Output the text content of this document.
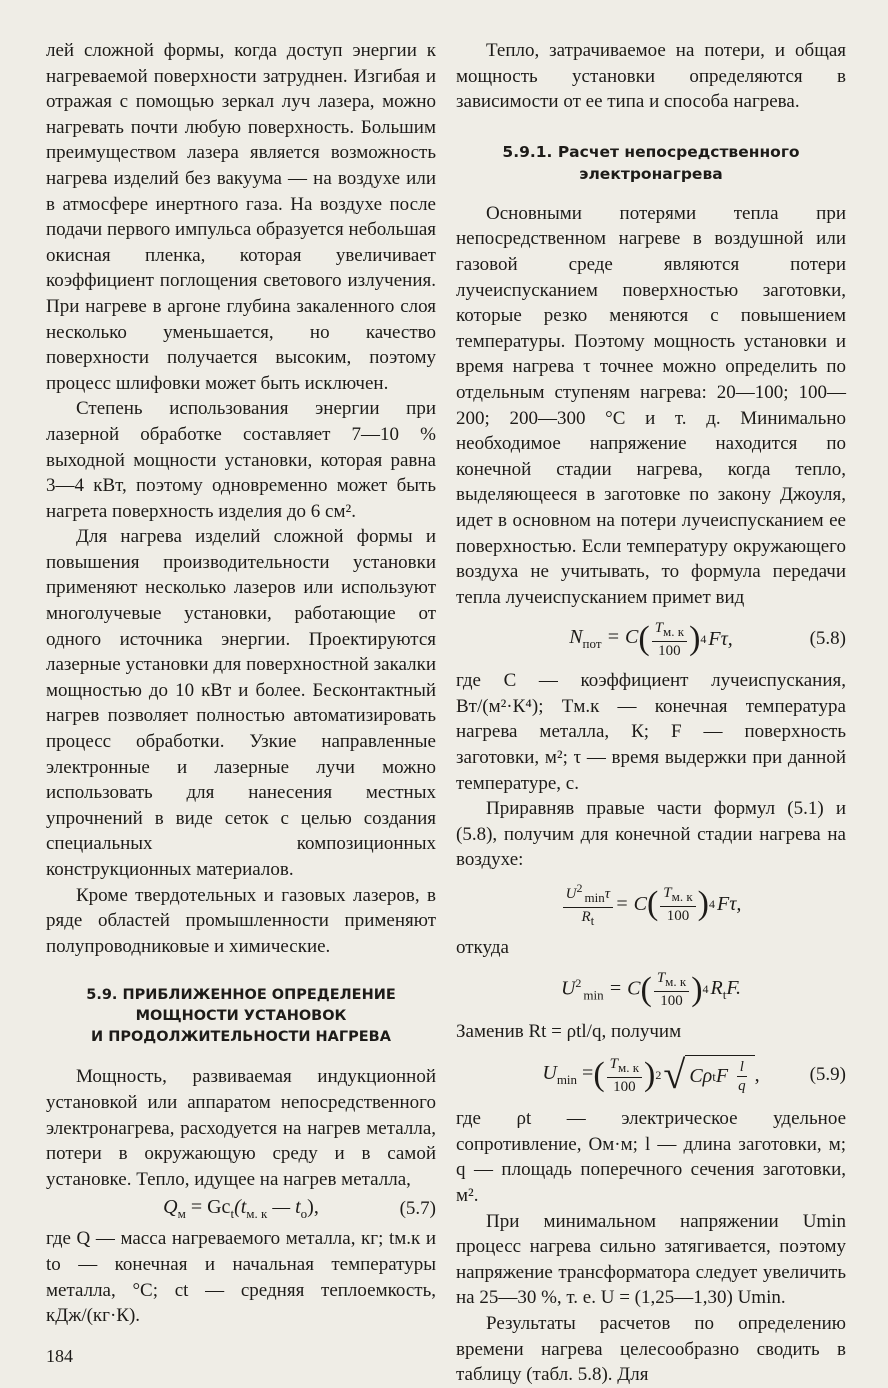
лей сложной формы, когда доступ энергии к нагреваемой поверхности затруднен. Изгибая и отражая с помощью зеркал луч лазера, можно нагревать почти любую поверхность. Большим преимуществом лазера является возможность нагрева изделий без вакуума — на воздухе или в атмосфере инертного газа. На воздухе после подачи первого импульса образуется небольшая окисная пленка, которая увеличивает коэффициент поглощения светового излучения. При нагреве в аргоне глубина закаленного слоя несколько уменьшается, но качество поверхности получается высоким, поэтому процесс шлифовки может быть исключен.

Степень использования энергии при лазерной обработке составляет 7—10 % выходной мощности установки, которая равна 3—4 кВт, поэтому одновременно может быть нагрета поверхность изделия до 6 см².

Для нагрева изделий сложной формы и повышения производительности установки применяют несколько лазеров или используют многолучевые установки, работающие от одного источника энергии. Проектируются лазерные установки для поверхностной закалки мощностью до 10 кВт и более. Бесконтактный нагрев позволяет полностью автоматизировать процесс обработки. Узкие направленные электронные и лазерные лучи можно использовать для нанесения местных упрочнений в виде сеток с целью создания специальных композиционных конструкционных материалов.

Кроме твердотельных и газовых лазеров, в ряде областей промышленности применяют полупроводниковые и химические.

5.9. ПРИБЛИЖЕННОЕ ОПРЕДЕЛЕНИЕ
МОЩНОСТИ УСТАНОВОК
И ПРОДОЛЖИТЕЛЬНОСТИ НАГРЕВА

Мощность, развиваемая индукционной установкой или аппаратом непосредственного электронагрева, расходуется на нагрев металла, потери в окружающую среду и в самой установке. Тепло, идущее на нагрев металла,

$Q_м = Gc_t(t_{м. к}$ — $t_о$),	(5.7)

где Q — масса нагреваемого металла, кг; tм.к и tо — конечная и начальная температуры металла, °C; ct — средняя теплоемкость, кДж/(кг·К).

Тепло, затрачиваемое на потери, и общая мощность установки определяются в зависимости от ее типа и способа нагрева.

5.9.1. Расчет непосредственного
электронагрева

Основными потерями тепла при непосредственном нагреве в воздушной или газовой среде являются потери лучеиспусканием поверхностью заготовки, которые резко меняются с повышением температуры. Поэтому мощность установки и время нагрева τ точнее можно определить по отдельным ступеням нагрева: 20—100; 100—200; 200—300 °C и т. д. Минимально необходимое напряжение находится по конечной стадии нагрева, когда тепло, выделяющееся в заготовке по закону Джоуля, идет в основном на потери лучеиспусканием ее поверхностью. Если температуру окружающего воздуха не учитывать, то формула передачи тепла лучеиспусканием примет вид

$N_{пот} = C$ ( $\frac{Tм. к}{100}$ ) 4 Fτ,	(5.8)

где C — коэффициент лучеиспускания, Вт/(м²·К⁴); Tм.к — конечная температура нагрева металла, К; F — поверхность заготовки, м²; τ — время выдержки при данной температуре, с.

Приравняв правые части формул (5.1) и (5.8), получим для конечной стадии нагрева на воздухе:

$\frac{U^2\min\tau}{Rt} = C$ ( $\frac{Tм. к}{100}$ ) 4 Fτ,

откуда

$U^2_{min} = C$ ( $\frac{Tм. к}{100}$ ) 4 $R_tF$.

Заменив Rt = ρtl/q, получим

$U_{min}$ = ( $\frac{Tм. к}{100}$ ) 2 √ Cρ t F
$\frac{l}{q}$ ,	(5.9)

где ρt — электрическое удельное сопротивление, Ом·м; l — длина заготовки, м; q — площадь поперечного сечения заготовки, м².

При минимальном напряжении Umin процесс нагрева сильно затягивается, поэтому напряжение трансформатора следует увеличить на 25—30 %, т. е. U = (1,25—1,30) Umin.

Результаты расчетов по определению времени нагрева целесообразно сводить в таблицу (табл. 5.8). Для

184
